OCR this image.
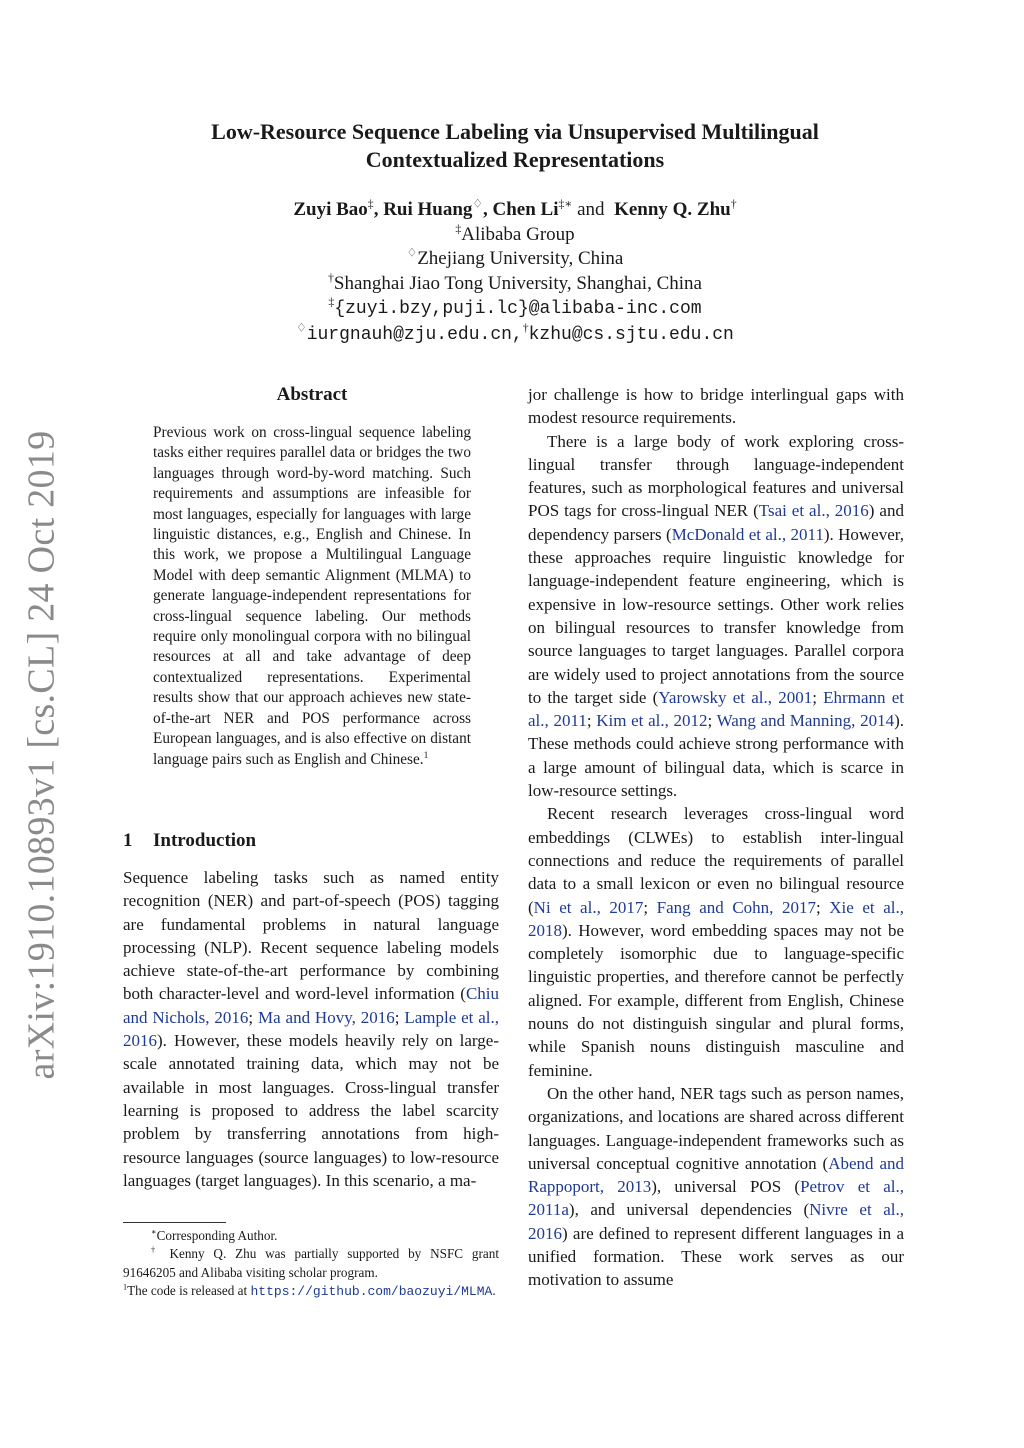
arXiv:1910.10893v1 [cs.CL] 24 Oct 2019
Low-Resource Sequence Labeling via Unsupervised Multilingual
Contextualized Representations
Zuyi Bao‡, Rui Huang♢, Chen Li‡∗ and Kenny Q. Zhu†
‡Alibaba Group
♢Zhejiang University, China
†Shanghai Jiao Tong University, Shanghai, China
‡{zuyi.bzy,puji.lc}@alibaba-inc.com
♢iurgnauh@zju.edu.cn,†kzhu@cs.sjtu.edu.cn
Abstract
Previous work on cross-lingual sequence labeling tasks either requires parallel data or bridges the two languages through word-by-word matching. Such requirements and assumptions are infeasible for most languages, especially for languages with large linguistic distances, e.g., English and Chinese. In this work, we propose a Multilingual Language Model with deep semantic Alignment (MLMA) to generate language-independent representations for cross-lingual sequence labeling. Our methods require only monolingual corpora with no bilingual resources at all and take advantage of deep contextualized representations. Experimental results show that our approach achieves new state-of-the-art NER and POS performance across European languages, and is also effective on distant language pairs such as English and Chinese.$^1$
1 Introduction

Sequence labeling tasks such as named entity recognition (NER) and part-of-speech (POS) tagging are fundamental problems in natural language processing (NLP). Recent sequence labeling models achieve state-of-the-art performance by combining both character-level and word-level information (Chiu and Nichols, 2016; Ma and Hovy, 2016; Lample et al., 2016). However, these models heavily rely on large-scale annotated training data, which may not be available in most languages. Cross-lingual transfer learning is proposed to address the label scarcity problem by transferring annotations from high-resource languages (source languages) to low-resource languages (target languages). In this scenario, a ma-

∗Corresponding Author.

† Kenny Q. Zhu was partially supported by NSFC grant 91646205 and Alibaba visiting scholar program.

$^1$The code is released at https://github.com/baozuyi/MLMA.

jor challenge is how to bridge interlingual gaps with modest resource requirements.

There is a large body of work exploring cross-lingual transfer through language-independent features, such as morphological features and universal POS tags for cross-lingual NER (Tsai et al., 2016) and dependency parsers (McDonald et al., 2011). However, these approaches require linguistic knowledge for language-independent feature engineering, which is expensive in low-resource settings. Other work relies on bilingual resources to transfer knowledge from source languages to target languages. Parallel corpora are widely used to project annotations from the source to the target side (Yarowsky et al., 2001; Ehrmann et al., 2011; Kim et al., 2012; Wang and Manning, 2014). These methods could achieve strong performance with a large amount of bilingual data, which is scarce in low-resource settings.

Recent research leverages cross-lingual word embeddings (CLWEs) to establish inter-lingual connections and reduce the requirements of parallel data to a small lexicon or even no bilingual resource (Ni et al., 2017; Fang and Cohn, 2017; Xie et al., 2018). However, word embedding spaces may not be completely isomorphic due to language-specific linguistic properties, and therefore cannot be perfectly aligned. For example, different from English, Chinese nouns do not distinguish singular and plural forms, while Spanish nouns distinguish masculine and feminine.

On the other hand, NER tags such as person names, organizations, and locations are shared across different languages. Language-independent frameworks such as universal conceptual cognitive annotation (Abend and Rappoport, 2013), universal POS (Petrov et al., 2011a), and universal dependencies (Nivre et al., 2016) are defined to represent different languages in a unified formation. These work serves as our motivation to assume
